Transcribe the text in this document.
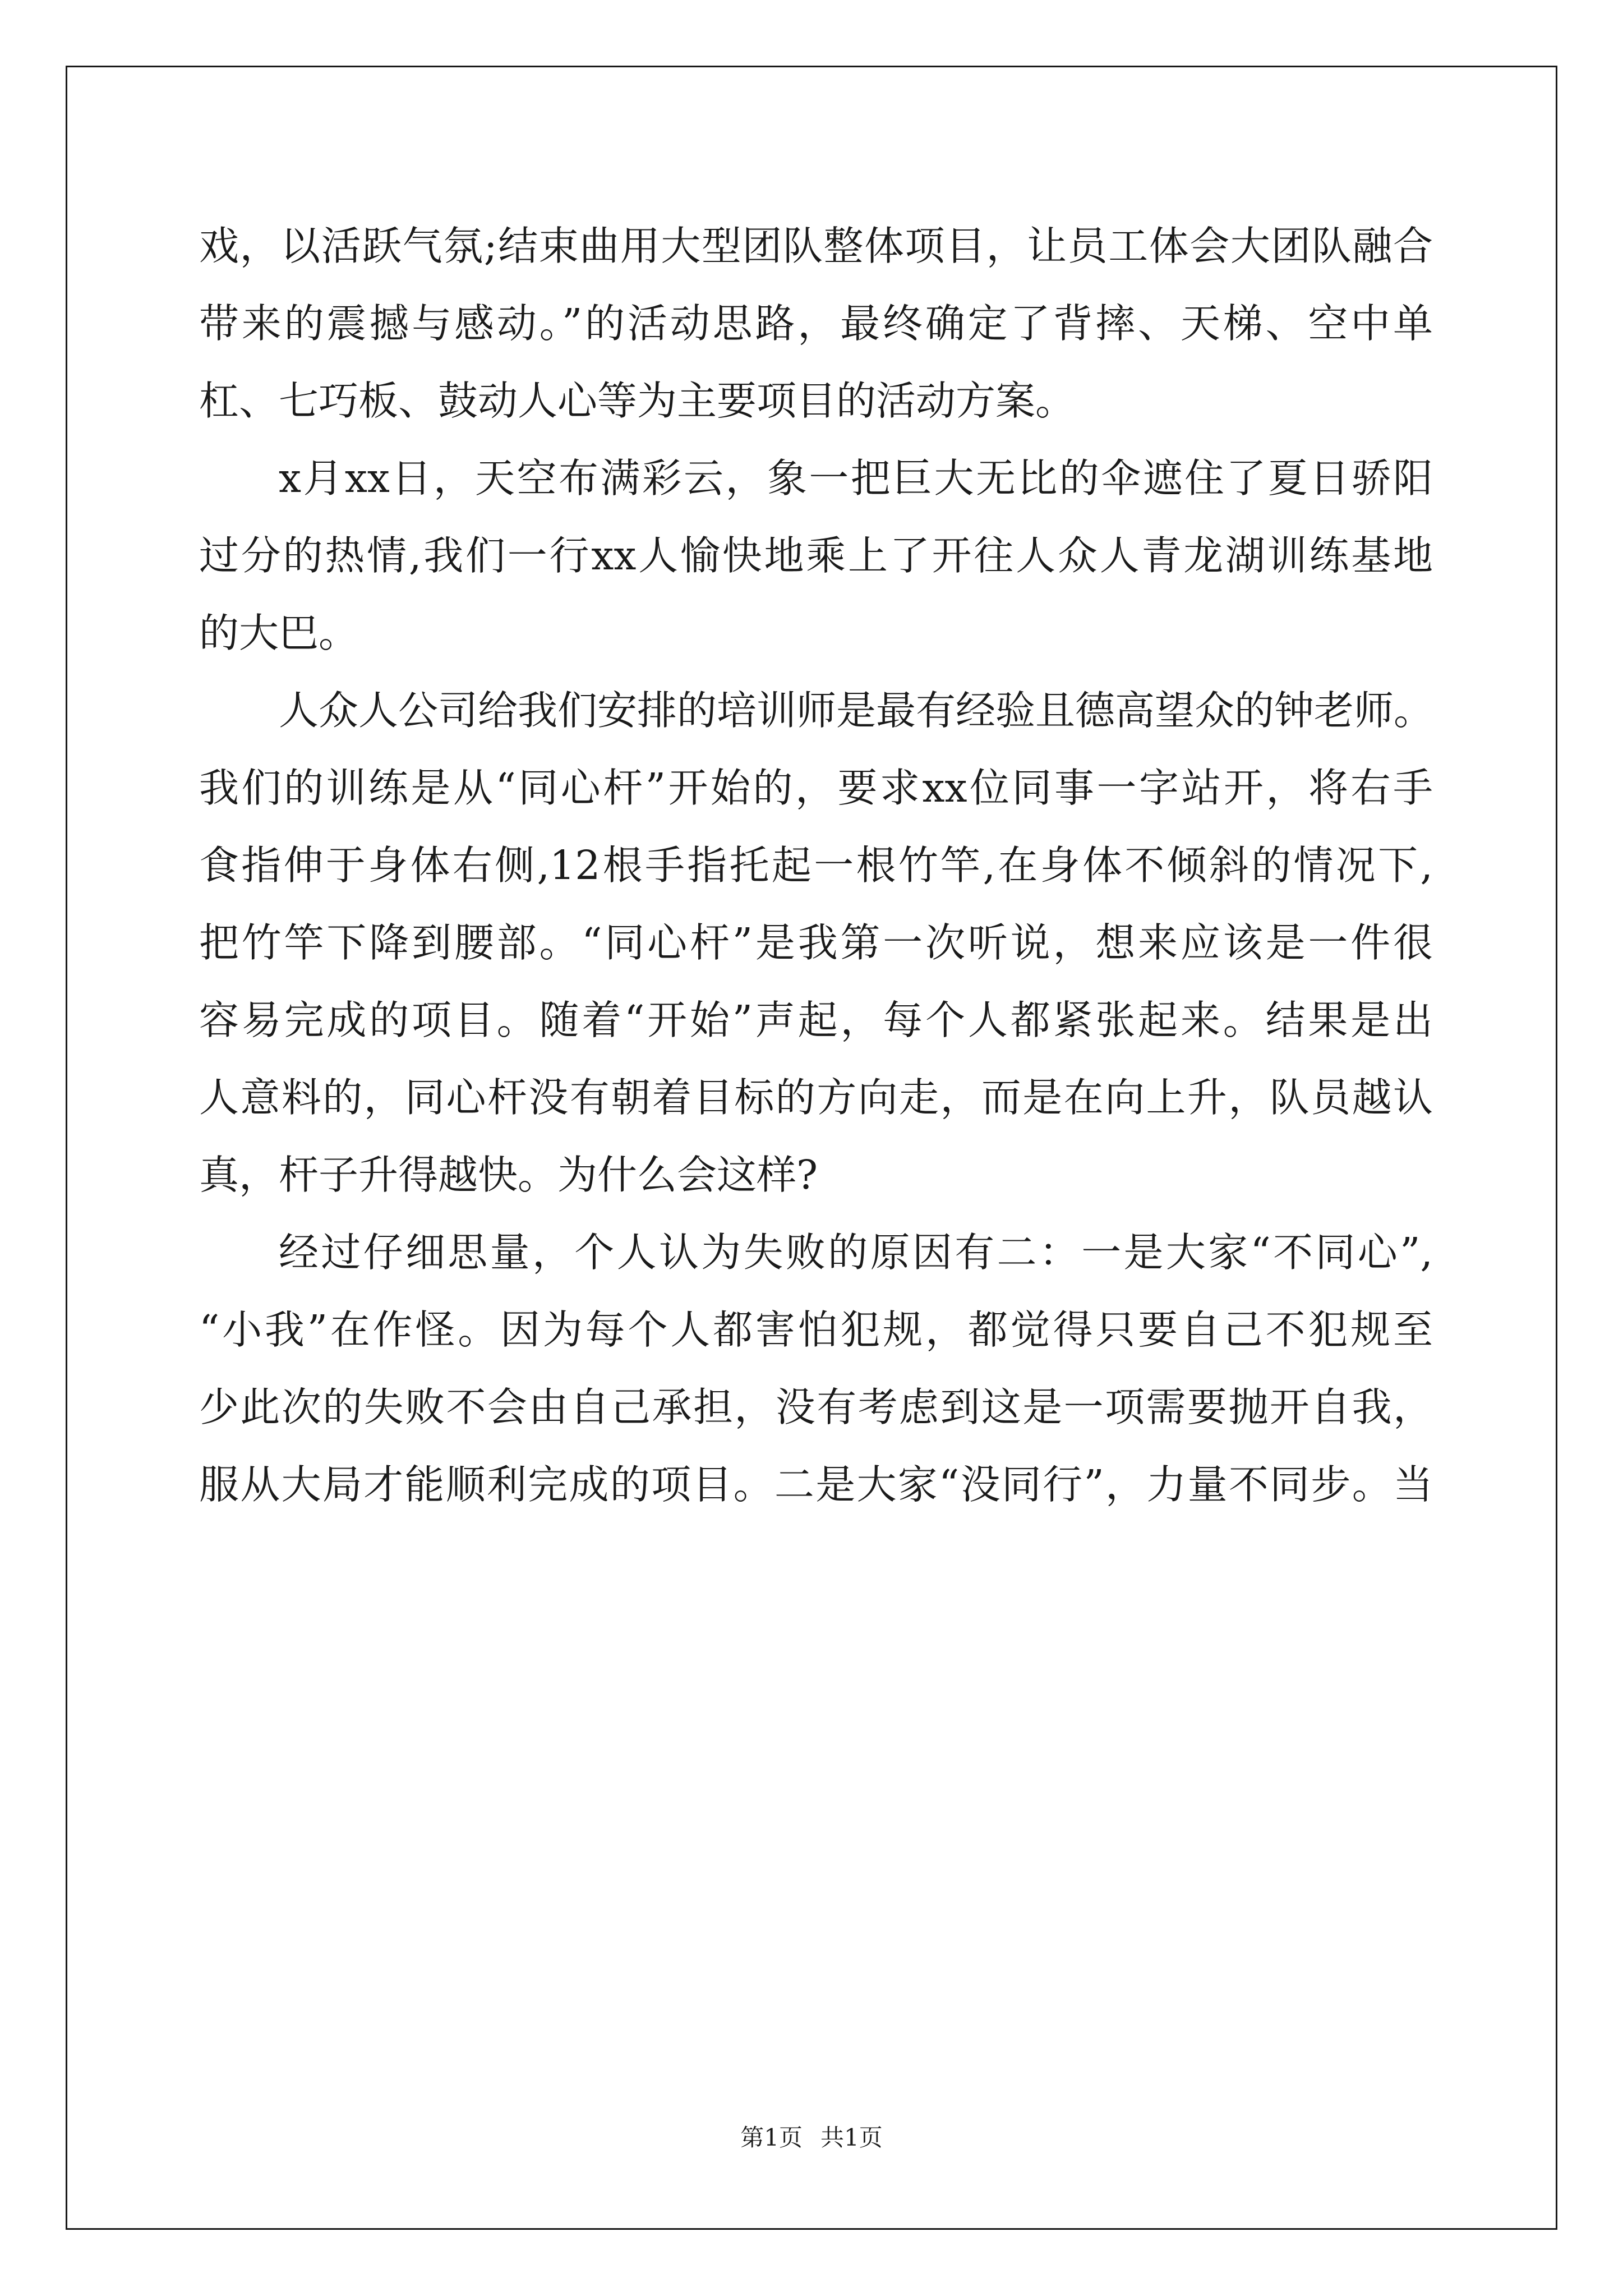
戏，以活跃气氛;结束曲用大型团队整体项目，让员工体会大团队融合
带来的震撼与感动。”的活动思路，最终确定了背摔、天梯、空中单
杠、七巧板、鼓动人心等为主要项目的活动方案。
x月xx日，天空布满彩云，象一把巨大无比的伞遮住了夏日骄阳
过分的热情,我们一行xx人愉快地乘上了开往人众人青龙湖训练基地
的大巴。
人众人公司给我们安排的培训师是最有经验且德高望众的钟老师。
我们的训练是从“同心杆”开始的，要求xx位同事一字站开，将右手
食指伸于身体右侧,12根手指托起一根竹竿,在身体不倾斜的情况下,
把竹竿下降到腰部。“同心杆”是我第一次听说，想来应该是一件很
容易完成的项目。随着“开始”声起，每个人都紧张起来。结果是出
人意料的，同心杆没有朝着目标的方向走，而是在向上升，队员越认
真，杆子升得越快。为什么会这样?
经过仔细思量，个人认为失败的原因有二：一是大家“不同心”,
“小我”在作怪。因为每个人都害怕犯规，都觉得只要自己不犯规至
少此次的失败不会由自己承担，没有考虑到这是一项需要抛开自我，
服从大局才能顺利完成的项目。二是大家“没同行”，力量不同步。当
第1页 共1页
